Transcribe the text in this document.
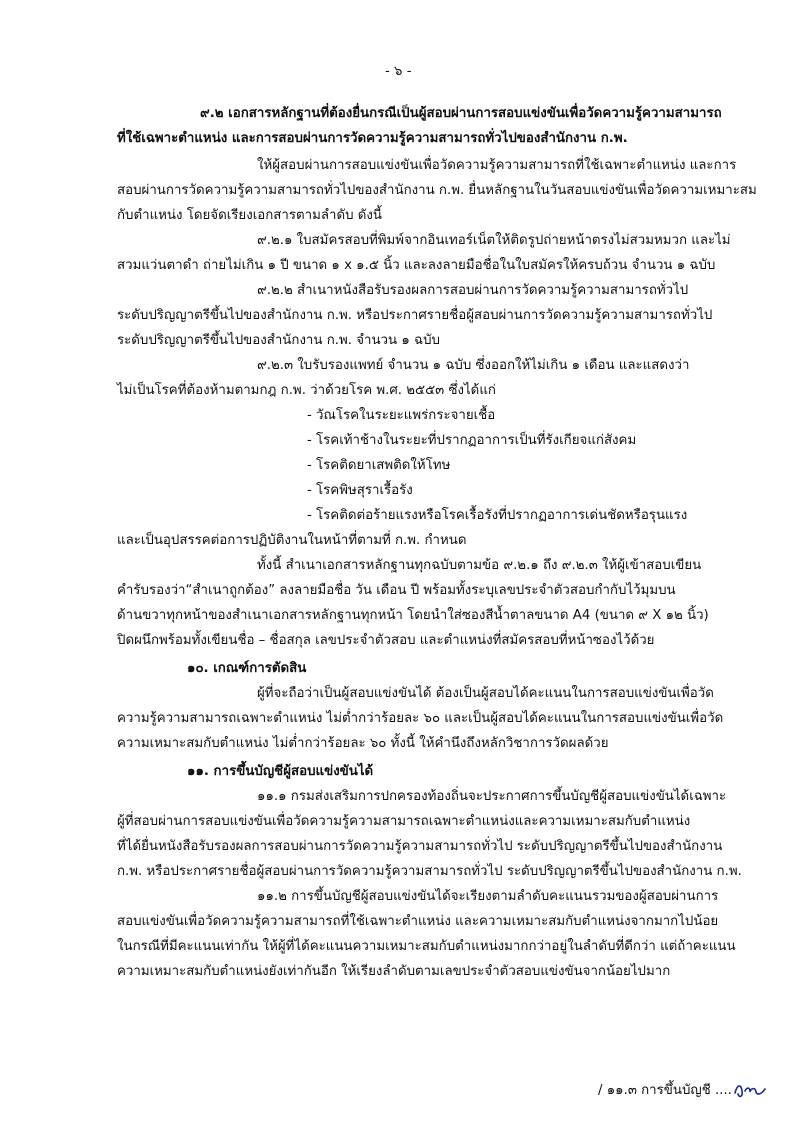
- ๖ -
๙.๒ เอกสารหลักฐานที่ต้องยื่นกรณีเป็นผู้สอบผ่านการสอบแข่งขันเพื่อวัดความรู้ความสามารถ
ที่ใช้เฉพาะตำแหน่ง และการสอบผ่านการวัดความรู้ความสามารถทั่วไปของสำนักงาน ก.พ.
ให้ผู้สอบผ่านการสอบแข่งขันเพื่อวัดความรู้ความสามารถที่ใช้เฉพาะตำแหน่ง และการ
สอบผ่านการวัดความรู้ความสามารถทั่วไปของสำนักงาน ก.พ. ยื่นหลักฐานในวันสอบแข่งขันเพื่อวัดความเหมาะสม
กับตำแหน่ง โดยจัดเรียงเอกสารตามลำดับ ดังนี้
๙.๒.๑ ใบสมัครสอบที่พิมพ์จากอินเทอร์เน็ตให้ติดรูปถ่ายหน้าตรงไม่สวมหมวก และไม่
สวมแว่นตาดำ ถ่ายไม่เกิน ๑ ปี ขนาด ๑ x ๑.๕ นิ้ว และลงลายมือชื่อในใบสมัครให้ครบถ้วน จำนวน ๑ ฉบับ
๙.๒.๒ สำเนาหนังสือรับรองผลการสอบผ่านการวัดความรู้ความสามารถทั่วไป
ระดับปริญญาตรีขึ้นไปของสำนักงาน ก.พ. หรือประกาศรายชื่อผู้สอบผ่านการวัดความรู้ความสามารถทั่วไป
ระดับปริญญาตรีขึ้นไปของสำนักงาน ก.พ. จำนวน ๑ ฉบับ
๙.๒.๓ ใบรับรองแพทย์ จำนวน ๑ ฉบับ ซึ่งออกให้ไม่เกิน ๑ เดือน และแสดงว่า
ไม่เป็นโรคที่ต้องห้ามตามกฎ ก.พ. ว่าด้วยโรค พ.ศ. ๒๕๕๓ ซึ่งได้แก่
- วัณโรคในระยะแพร่กระจายเชื้อ
- โรคเท้าช้างในระยะที่ปรากฏอาการเป็นที่รังเกียจแก่สังคม
- โรคติดยาเสพติดให้โทษ
- โรคพิษสุราเรื้อรัง
- โรคติดต่อร้ายแรงหรือโรคเรื้อรังที่ปรากฏอาการเด่นชัดหรือรุนแรง
และเป็นอุปสรรคต่อการปฏิบัติงานในหน้าที่ตามที่ ก.พ. กำหนด
ทั้งนี้ สำเนาเอกสารหลักฐานทุกฉบับตามข้อ ๙.๒.๑ ถึง ๙.๒.๓ ให้ผู้เข้าสอบเขียน
คำรับรองว่า“สำเนาถูกต้อง” ลงลายมือชื่อ วัน เดือน ปี พร้อมทั้งระบุเลขประจำตัวสอบกำกับไว้มุมบน
ด้านขวาทุกหน้าของสำเนาเอกสารหลักฐานทุกหน้า โดยนำใส่ซองสีน้ำตาลขนาด A4 (ขนาด ๙ X ๑๒ นิ้ว)
ปิดผนึกพร้อมทั้งเขียนชื่อ – ชื่อสกุล เลขประจำตัวสอบ และตำแหน่งที่สมัครสอบที่หน้าซองไว้ด้วย
๑๐. เกณฑ์การตัดสิน
ผู้ที่จะถือว่าเป็นผู้สอบแข่งขันได้ ต้องเป็นผู้สอบได้คะแนนในการสอบแข่งขันเพื่อวัด
ความรู้ความสามารถเฉพาะตำแหน่ง ไม่ต่ำกว่าร้อยละ ๖๐ และเป็นผู้สอบได้คะแนนในการสอบแข่งขันเพื่อวัด
ความเหมาะสมกับตำแหน่ง ไม่ต่ำกว่าร้อยละ ๖๐ ทั้งนี้ ให้คำนึงถึงหลักวิชาการวัดผลด้วย
๑๑. การขึ้นบัญชีผู้สอบแข่งขันได้
๑๑.๑ กรมส่งเสริมการปกครองท้องถิ่นจะประกาศการขึ้นบัญชีผู้สอบแข่งขันได้เฉพาะ
ผู้ที่สอบผ่านการสอบแข่งขันเพื่อวัดความรู้ความสามารถเฉพาะตำแหน่งและความเหมาะสมกับตำแหน่ง
ที่ได้ยื่นหนังสือรับรองผลการสอบผ่านการวัดความรู้ความสามารถทั่วไป ระดับปริญญาตรีขึ้นไปของสำนักงาน
ก.พ. หรือประกาศรายชื่อผู้สอบผ่านการวัดความรู้ความสามารถทั่วไป ระดับปริญญาตรีขึ้นไปของสำนักงาน ก.พ.
๑๑.๒ การขึ้นบัญชีผู้สอบแข่งขันได้จะเรียงตามลำดับคะแนนรวมของผู้สอบผ่านการ
สอบแข่งขันเพื่อวัดความรู้ความสามารถที่ใช้เฉพาะตำแหน่ง และความเหมาะสมกับตำแหน่งจากมากไปน้อย
ในกรณีที่มีคะแนนเท่ากัน ให้ผู้ที่ได้คะแนนความเหมาะสมกับตำแหน่งมากกว่าอยู่ในลำดับที่ดีกว่า แต่ถ้าคะแนน
ความเหมาะสมกับตำแหน่งยังเท่ากันอีก ให้เรียงลำดับตามเลขประจำตัวสอบแข่งขันจากน้อยไปมาก
/ ๑๑.๓ การขึ้นบัญชี ....
